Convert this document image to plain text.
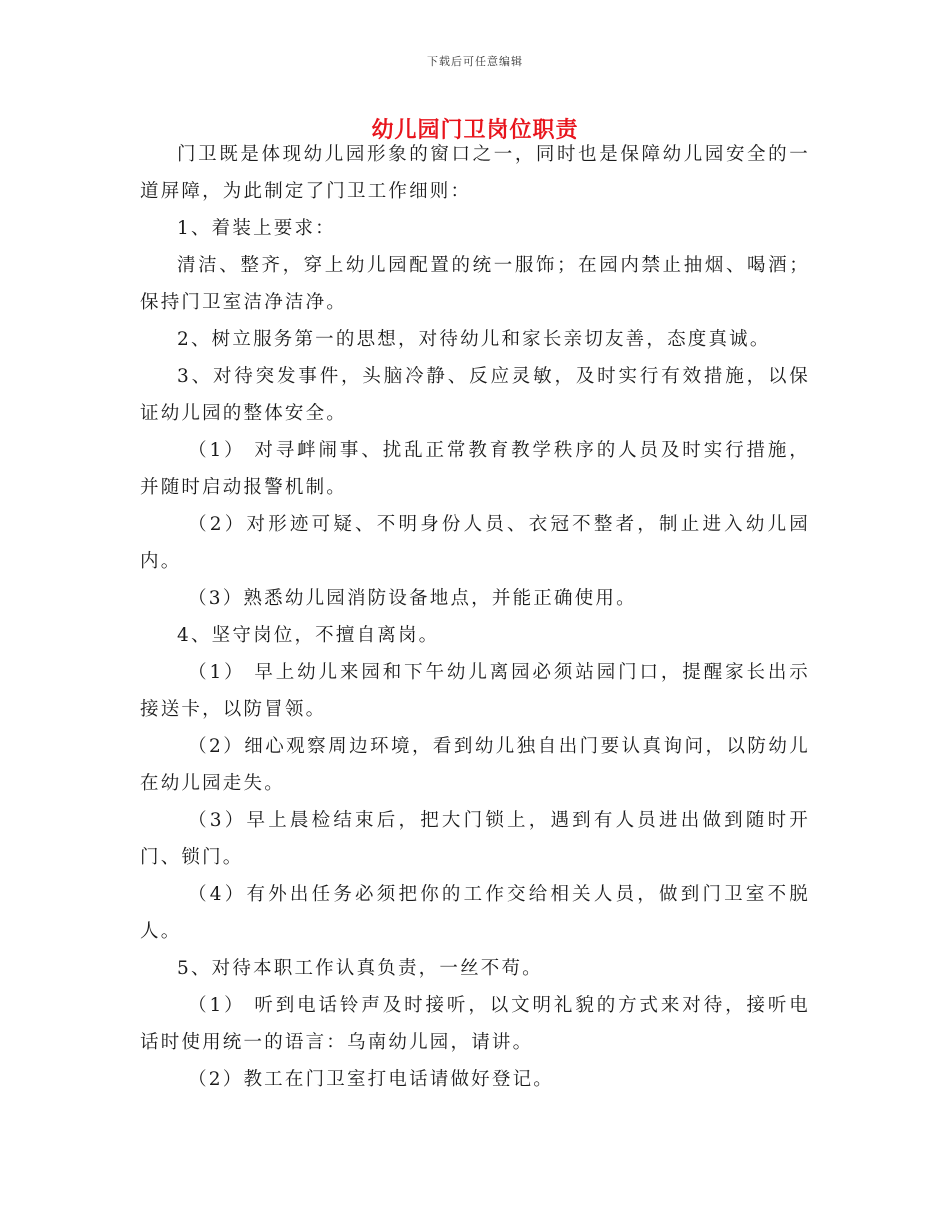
下载后可任意编辑
幼儿园门卫岗位职责

门卫既是体现幼儿园形象的窗口之一，同时也是保障幼儿园安全的一道屏障，为此制定了门卫工作细则：

1、着装上要求：

清洁、整齐，穿上幼儿园配置的统一服饰；在园内禁止抽烟、喝酒；保持门卫室洁净洁净。

2、树立服务第一的思想，对待幼儿和家长亲切友善，态度真诚。

3、对待突发事件，头脑冷静、反应灵敏，及时实行有效措施，以保证幼儿园的整体安全。

（1） 对寻衅闹事、扰乱正常教育教学秩序的人员及时实行措施，并随时启动报警机制。

（2）对形迹可疑、不明身份人员、衣冠不整者，制止进入幼儿园内。

（3）熟悉幼儿园消防设备地点，并能正确使用。

4、坚守岗位，不擅自离岗。

（1） 早上幼儿来园和下午幼儿离园必须站园门口，提醒家长出示接送卡，以防冒领。

（2）细心观察周边环境，看到幼儿独自出门要认真询问，以防幼儿在幼儿园走失。

（3）早上晨检结束后，把大门锁上，遇到有人员进出做到随时开门、锁门。

（4）有外出任务必须把你的工作交给相关人员，做到门卫室不脱人。

5、对待本职工作认真负责，一丝不苟。

（1） 听到电话铃声及时接听，以文明礼貌的方式来对待，接听电话时使用统一的语言：乌南幼儿园，请讲。

（2）教工在门卫室打电话请做好登记。
